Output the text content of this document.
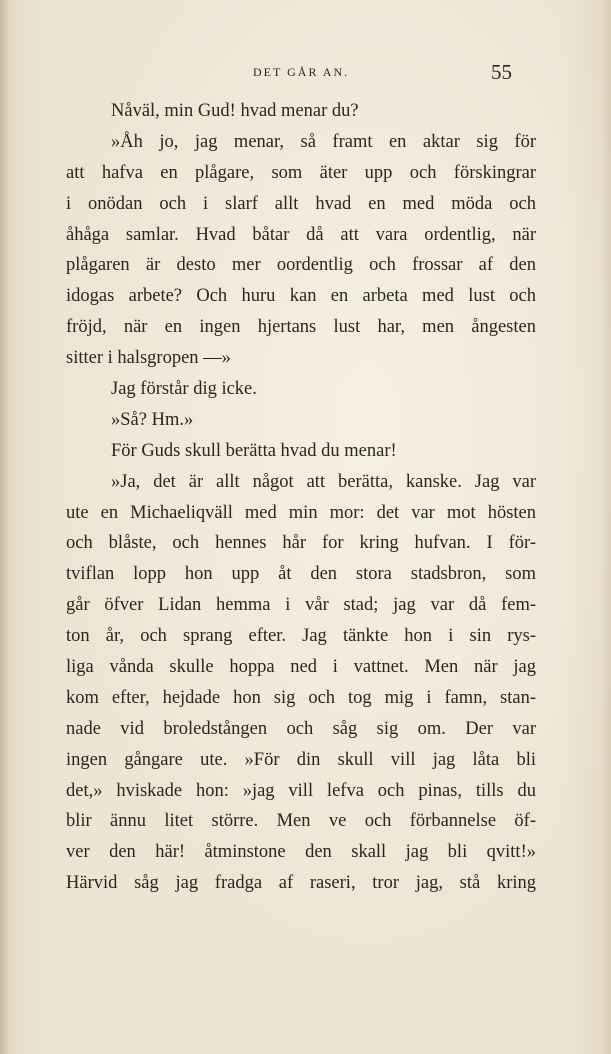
DET GÅR AN.	55
Nåväl, min Gud! hvad menar du?
»Åh jo, jag menar, så framt en aktar sig för
att hafva en plågare, som äter upp och förskingrar
i onödan och i slarf allt hvad en med möda och
åhåga samlar. Hvad båtar då att vara ordentlig, när
plågaren är desto mer oordentlig och frossar af den
idogas arbete? Och huru kan en arbeta med lust och
fröjd, när en ingen hjertans lust har, men ångesten
sitter i halsgropen —»
Jag förstår dig icke.
»Så? Hm.»
För Guds skull berätta hvad du menar!
»Ja, det är allt något att berätta, kanske. Jag var
ute en Michaeliqväll med min mor: det var mot hösten
och blåste, och hennes hår for kring hufvan. I för-
tviflan lopp hon upp åt den stora stadsbron, som
går öfver Lidan hemma i vår stad; jag var då fem-
ton år, och sprang efter. Jag tänkte hon i sin rys-
liga vånda skulle hoppa ned i vattnet. Men när jag
kom efter, hejdade hon sig och tog mig i famn, stan-
nade vid broledstången och såg sig om. Der var
ingen gångare ute. »För din skull vill jag låta bli
det,» hviskade hon: »jag vill lefva och pinas, tills du
blir ännu litet större. Men ve och förbannelse öf-
ver den här! åtminstone den skall jag bli qvitt!»
Härvid såg jag fradga af raseri, tror jag, stå kring
